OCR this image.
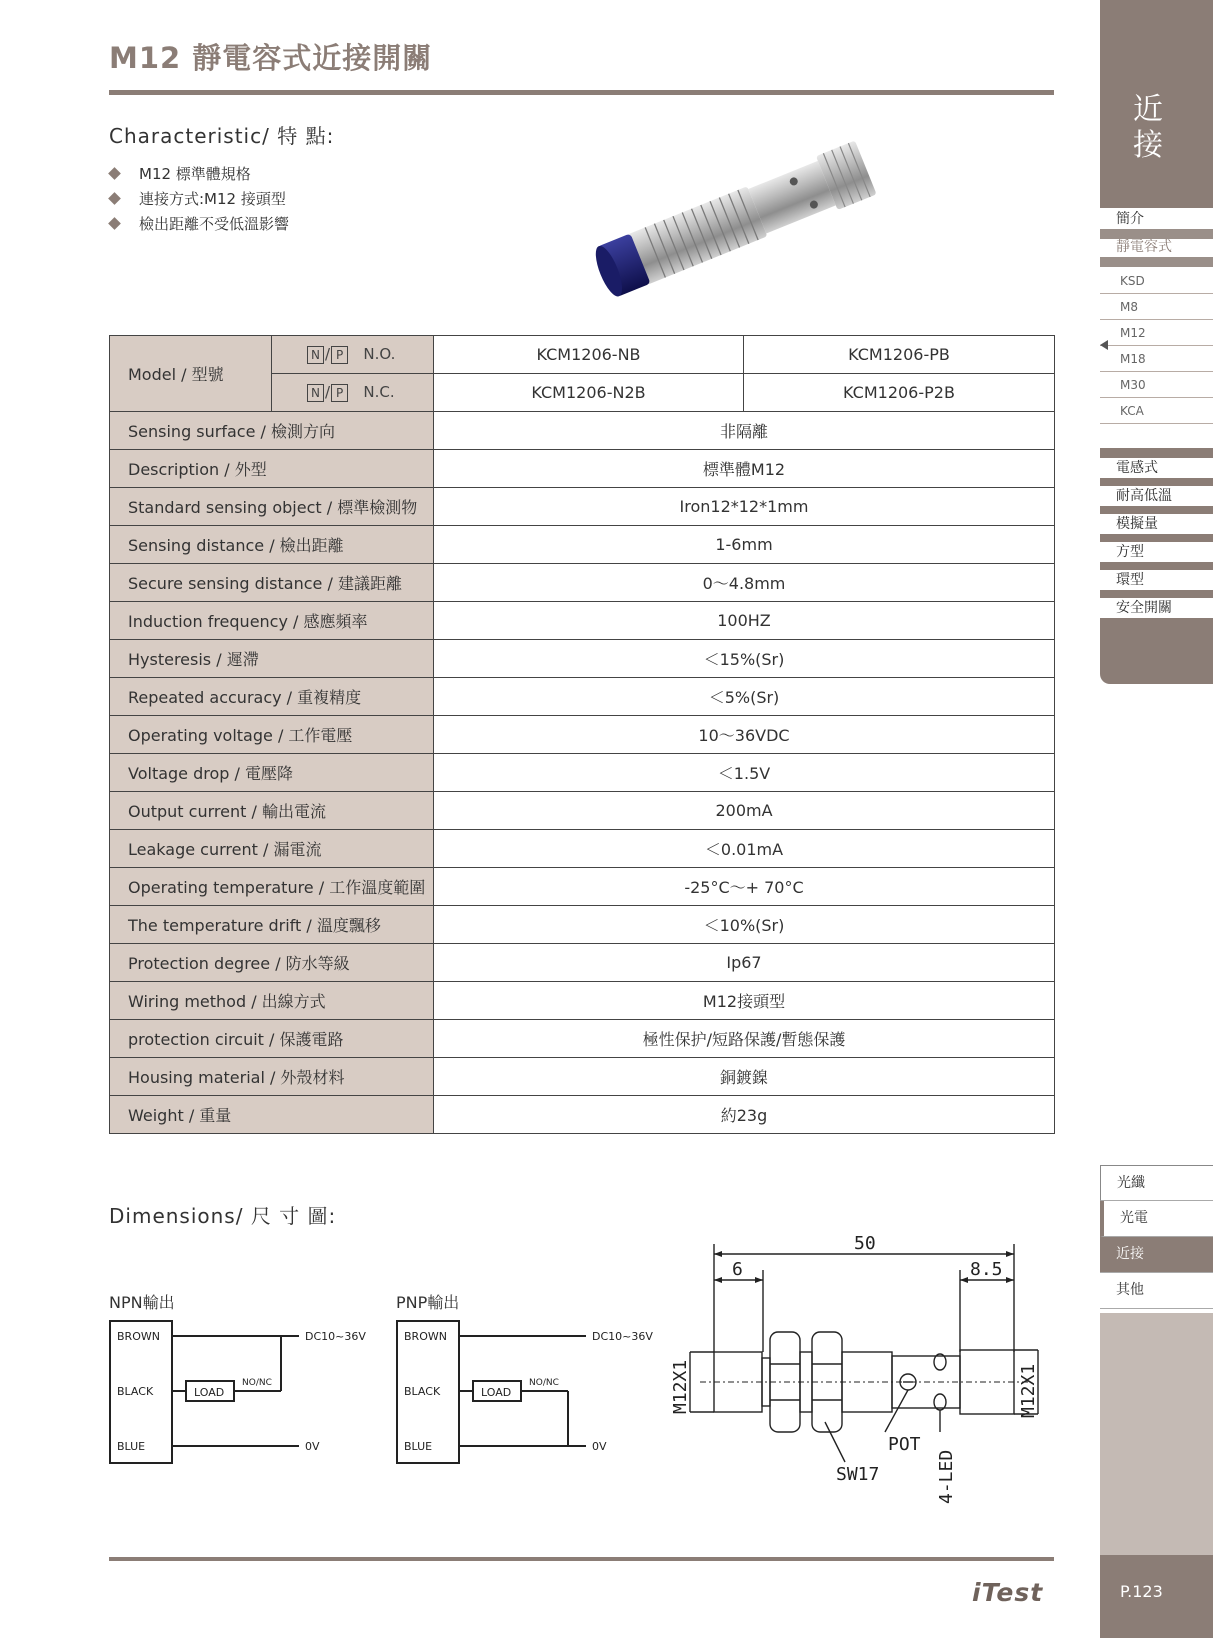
M12 靜電容式近接開關
Characteristic/ 特 點:
M12 標準體規格
連接方式:M12 接頭型
檢出距離不受低溫影響
Model / 型號	N / P N.O.	KCM1206-NB	KCM1206-PB
	N / P N.C.	KCM1206-N2B	KCM1206-P2B
Sensing surface / 檢測方向		非隔離	
Description / 外型		標準體M12	
Standard sensing object / 標準檢測物		Iron12*12*1mm	
Sensing distance / 檢出距離		1-6mm	
Secure sensing distance / 建議距離		0～4.8mm	
Induction frequency / 感應頻率		100HZ	
Hysteresis / 遲滯		＜15%(Sr)	
Repeated accuracy / 重複精度		＜5%(Sr)	
Operating voltage / 工作電壓		10～36VDC	
Voltage drop / 電壓降		＜1.5V	
Output current / 輸出電流		200mA	
Leakage current / 漏電流		＜0.01mA	
Operating temperature / 工作溫度範圍		-25°C～+ 70°C	
The temperature drift / 溫度飄移		＜10%(Sr)	
Protection degree / 防水等級		Ip67	
Wiring method / 出線方式		M12接頭型	
protection circuit / 保護電路		極性保护/短路保護/暫態保護	
Housing material / 外殼材料		銅鍍鎳	
Weight / 重量		約23g	
Dimensions/ 尺 寸 圖:
NPN輸出
BROWN
BLACK
BLUE
LOAD
NO/NC
DC10~36V
0V
PNP輸出
BROWN
BLACK
BLUE
LOAD
NO/NC
DC10~36V
0V
50
6	8.5
POT
SW17	4-LED
M12X1	M12X1
iTest
近
接
簡介
靜電容式
KSD
M8
M12
M18
M30
KCA
電感式
耐高低溫
模擬量
方型
環型
安全開關
光纖
光電
近接
其他
P.123
